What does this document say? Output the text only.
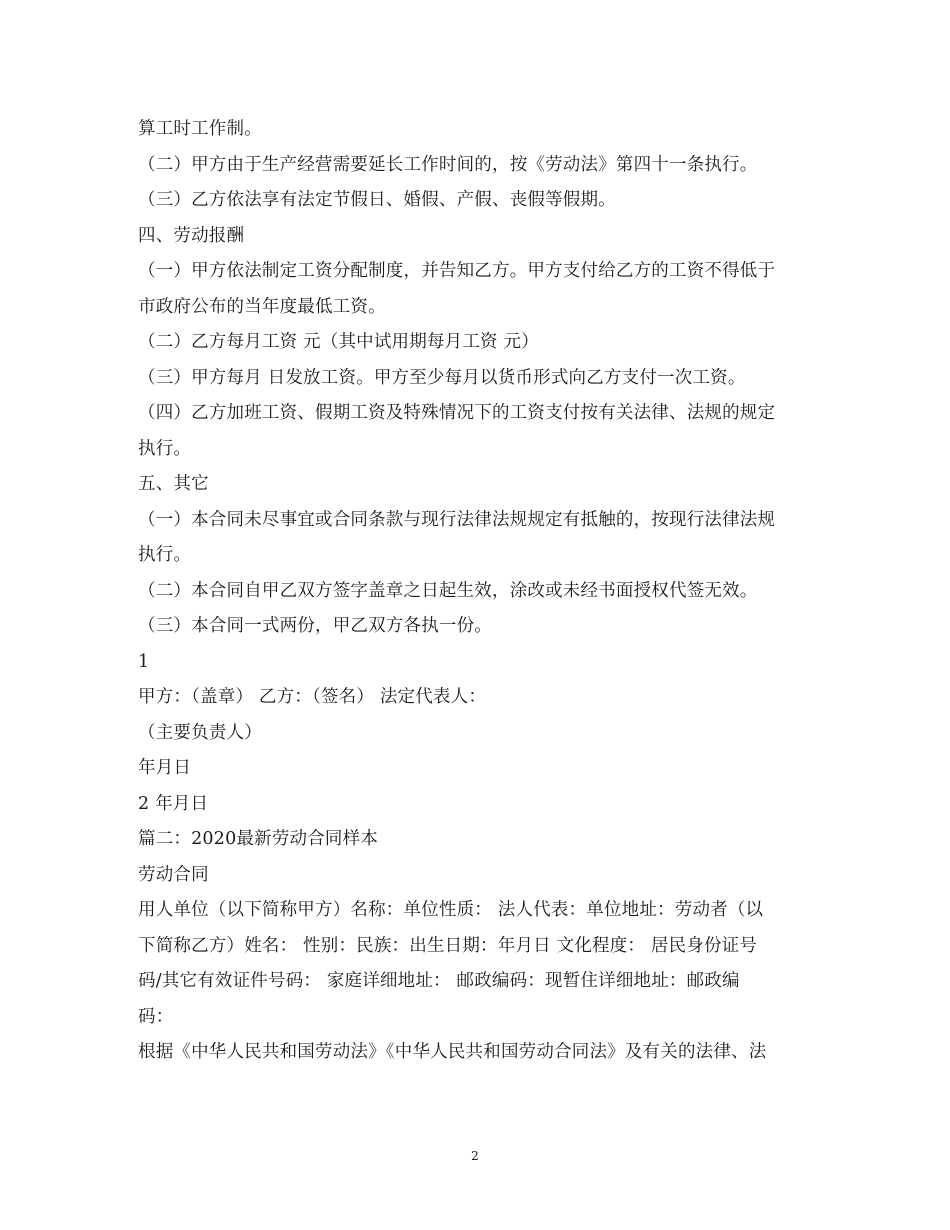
算工时工作制。
（二）甲方由于生产经营需要延长工作时间的，按《劳动法》第四十一条执行。
（三）乙方依法享有法定节假日、婚假、产假、丧假等假期。
四、劳动报酬
（一）甲方依法制定工资分配制度，并告知乙方。甲方支付给乙方的工资不得低于
市政府公布的当年度最低工资。
（二）乙方每月工资 元（其中试用期每月工资 元）
（三）甲方每月 日发放工资。甲方至少每月以货币形式向乙方支付一次工资。
（四）乙方加班工资、假期工资及特殊情况下的工资支付按有关法律、法规的规定
执行。
五、其它
（一）本合同未尽事宜或合同条款与现行法律法规规定有抵触的，按现行法律法规
执行。
（二）本合同自甲乙双方签字盖章之日起生效，涂改或未经书面授权代签无效。
（三）本合同一式两份，甲乙双方各执一份。
1
甲方：（盖章） 乙方：（签名） 法定代表人：
（主要负责人）
年月日
2 年月日
篇二：2020最新劳动合同样本
劳动合同
用人单位（以下简称甲方）名称：单位性质： 法人代表：单位地址：劳动者（以
下简称乙方）姓名： 性别：民族：出生日期：年月日 文化程度： 居民身份证号
码/其它有效证件号码： 家庭详细地址： 邮政编码：现暂住详细地址：邮政编
码：
根据《中华人民共和国劳动法》《中华人民共和国劳动合同法》及有关的法律、法
2
